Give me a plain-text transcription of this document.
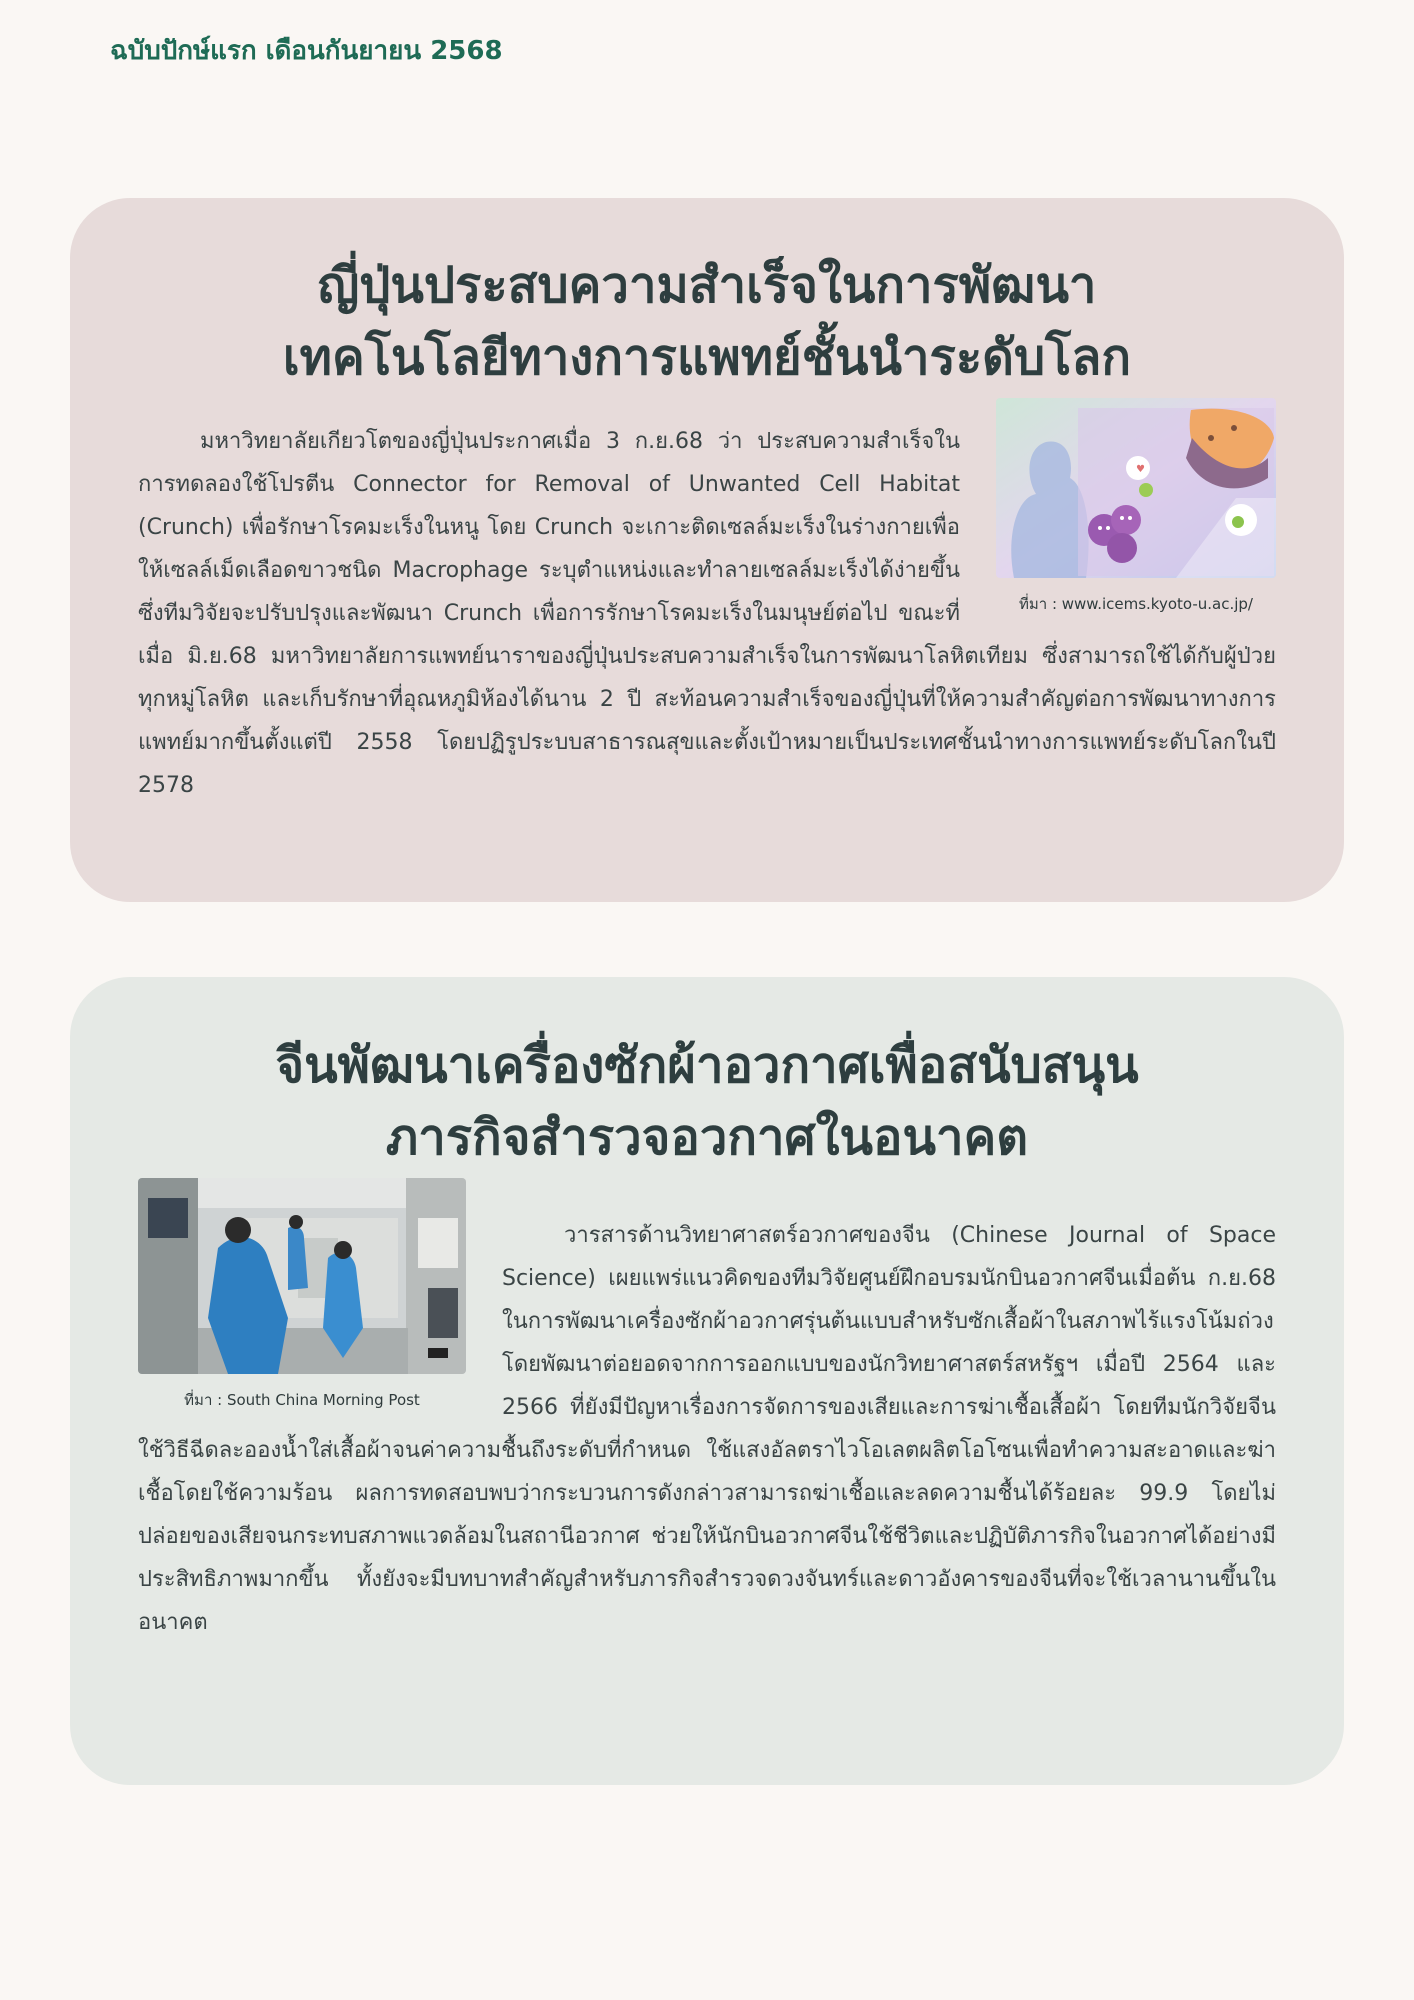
ฉบับปักษ์แรก เดือนกันยายน 2568

ญี่ปุ่นประสบความสำเร็จในการพัฒนา
เทคโนโลยีทางการแพทย์ชั้นนำระดับโลก
♥
ที่มา : www.icems.kyoto-u.ac.jp/

มหาวิทยาลัยเกียวโตของญี่ปุ่นประกาศเมื่อ 3 ก.ย.68 ว่า ประสบความสำเร็จในการทดลองใช้โปรตีน Connector for Removal of Unwanted Cell Habitat (Crunch) เพื่อรักษาโรคมะเร็งในหนู โดย Crunch จะเกาะติดเซลล์มะเร็งในร่างกายเพื่อให้เซลล์เม็ดเลือดขาวชนิด Macrophage ระบุตำแหน่งและทำลายเซลล์มะเร็งได้ง่ายขึ้น ซึ่งทีมวิจัยจะปรับปรุงและพัฒนา Crunch เพื่อการรักษาโรคมะเร็งในมนุษย์ต่อไป ขณะที่เมื่อ มิ.ย.68 มหาวิทยาลัยการแพทย์นาราของญี่ปุ่นประสบความสำเร็จในการพัฒนาโลหิตเทียม ซึ่งสามารถใช้ได้กับผู้ป่วยทุกหมู่โลหิต และเก็บรักษาที่อุณหภูมิห้องได้นาน 2 ปี สะท้อนความสำเร็จของญี่ปุ่นที่ให้ความสำคัญต่อการพัฒนาทางการแพทย์มากขึ้นตั้งแต่ปี 2558 โดยปฏิรูประบบสาธารณสุขและตั้งเป้าหมายเป็นประเทศชั้นนำทางการแพทย์ระดับโลกในปี 2578

จีนพัฒนาเครื่องซักผ้าอวกาศเพื่อสนับสนุน
ภารกิจสำรวจอวกาศในอนาคต
ที่มา : South China Morning Post

วารสารด้านวิทยาศาสตร์อวกาศของจีน (Chinese Journal of Space Science) เผยแพร่แนวคิดของทีมวิจัยศูนย์ฝึกอบรมนักบินอวกาศจีนเมื่อต้น ก.ย.68 ในการพัฒนาเครื่องซักผ้าอวกาศรุ่นต้นแบบสำหรับซักเสื้อผ้าในสภาพไร้แรงโน้มถ่วง โดยพัฒนาต่อยอดจากการออกแบบของนักวิทยาศาสตร์สหรัฐฯ เมื่อปี 2564 และ 2566 ที่ยังมีปัญหาเรื่องการจัดการของเสียและการฆ่าเชื้อเสื้อผ้า โดยทีมนักวิจัยจีนใช้วิธีฉีดละอองน้ำใส่เสื้อผ้าจนค่าความชื้นถึงระดับที่กำหนด ใช้แสงอัลตราไวโอเลตผลิตโอโซนเพื่อทำความสะอาดและฆ่าเชื้อโดยใช้ความร้อน ผลการทดสอบพบว่ากระบวนการดังกล่าวสามารถฆ่าเชื้อและลดความชื้นได้ร้อยละ 99.9 โดยไม่ปล่อยของเสียจนกระทบสภาพแวดล้อมในสถานีอวกาศ ช่วยให้นักบินอวกาศจีนใช้ชีวิตและปฏิบัติภารกิจในอวกาศได้อย่างมีประสิทธิภาพมากขึ้น ทั้งยังจะมีบทบาทสำคัญสำหรับภารกิจสำรวจดวงจันทร์และดาวอังคารของจีนที่จะใช้เวลานานขึ้นในอนาคต
